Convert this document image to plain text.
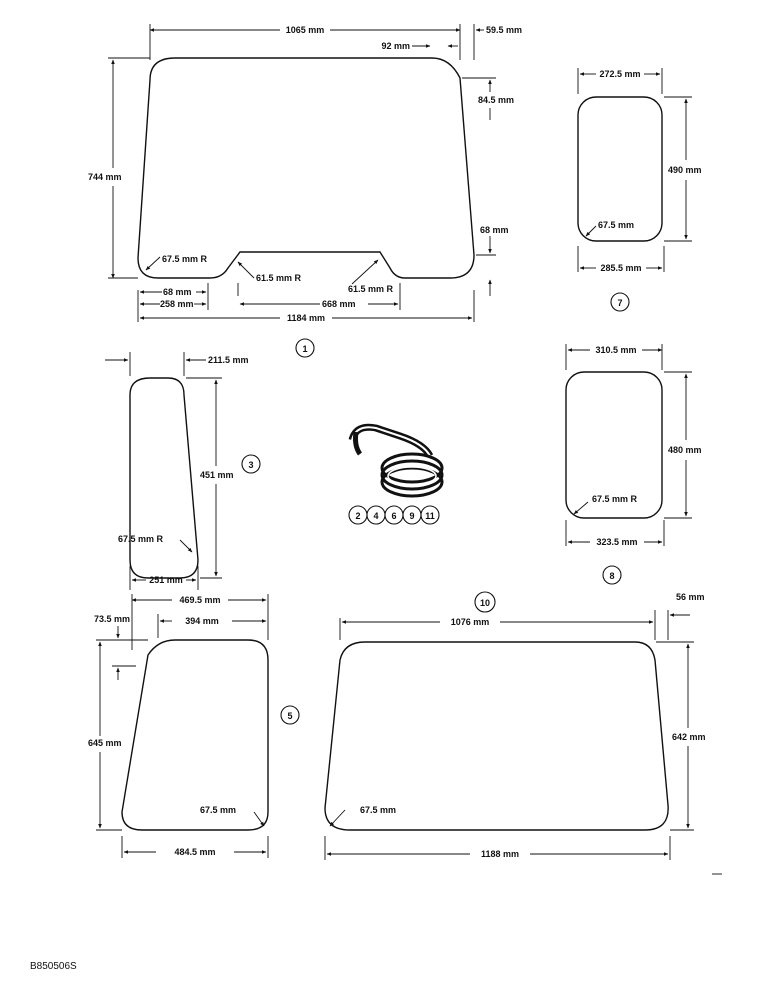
1065 mm	59.5 mm
92 mm
744 mm
84.5 mm
68 mm
67.5 mm R
61.5 mm R
61.5 mm R
68 mm
258 mm	668 mm
1184 mm
211.5 mm
451 mm
67.5 mm R
251 mm
469.5 mm
73.5 mm	394 mm
645 mm
67.5 mm
484.5 mm
272.5 mm
490 mm
67.5 mm
285.5 mm
310.5 mm
480 mm
67.5 mm R
323.5 mm
56 mm
1076 mm
642 mm
67.5 mm
1188 mm
1
3
5
7
8
10
2 4 6 9 11
B850506S
